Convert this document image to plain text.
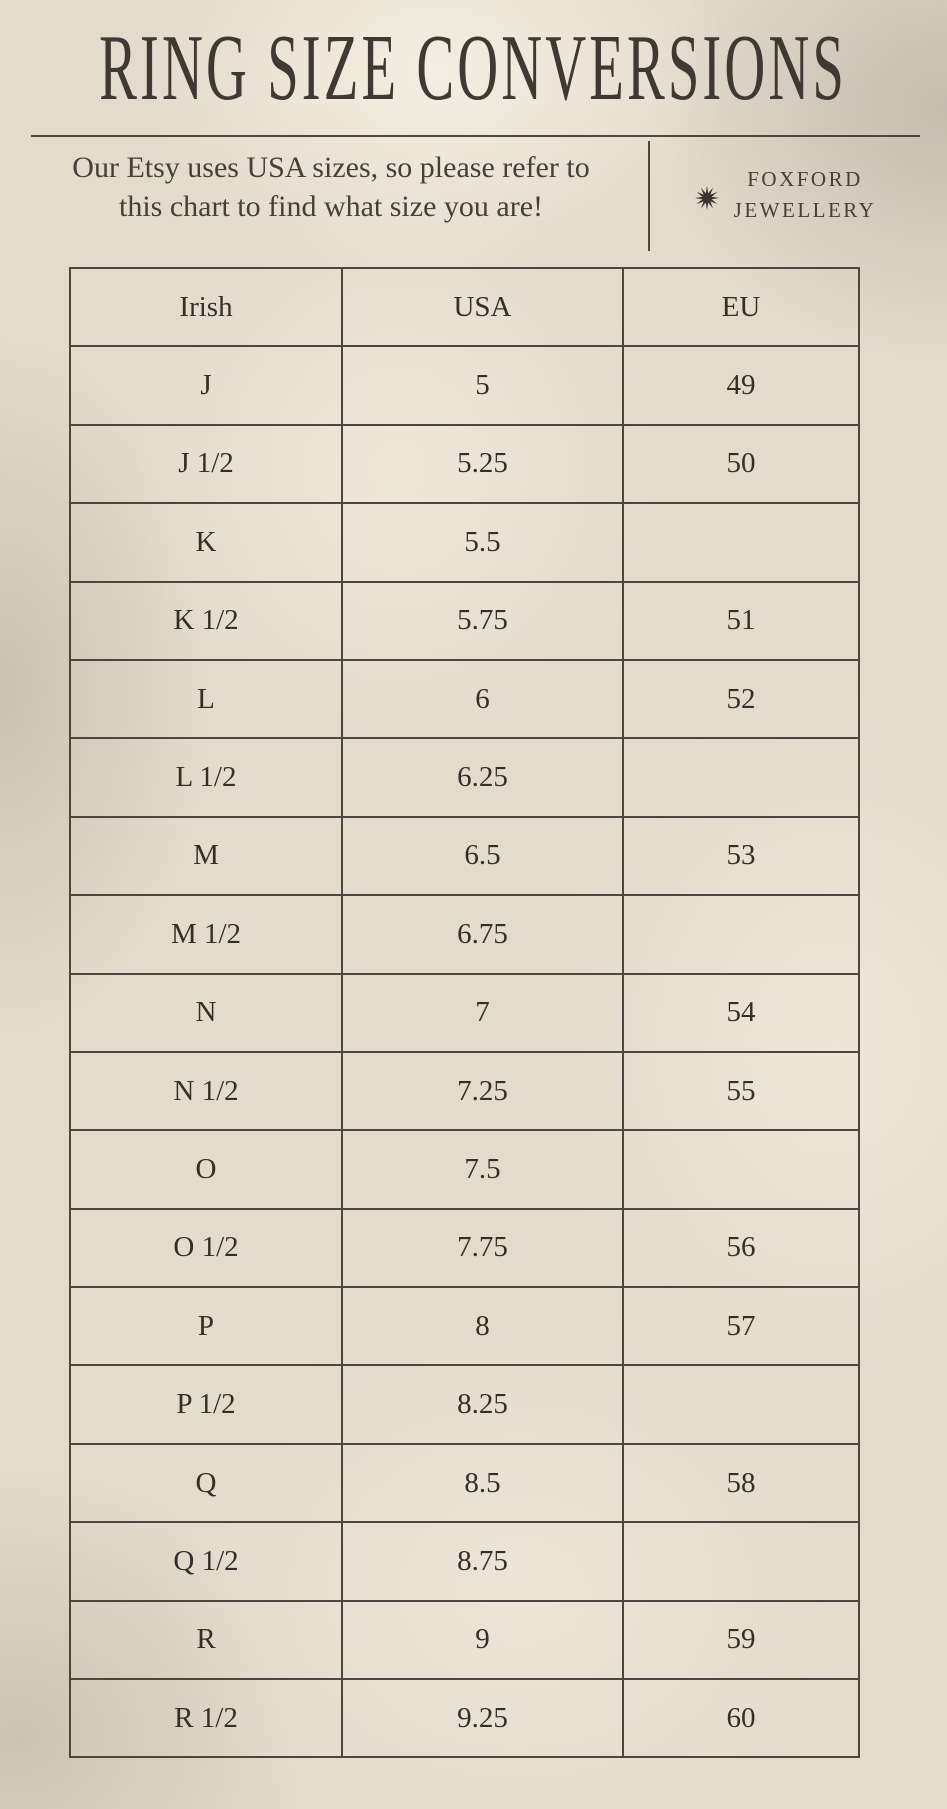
RING SIZE CONVERSIONS
Our Etsy uses USA sizes, so please refer to
this chart to find what size you are!
FOXFORD
JEWELLERY
Irish	USA	EU
J	5	49
J 1/2	5.25	50
K	5.5	
K 1/2	5.75	51
L	6	52
L 1/2	6.25	
M	6.5	53
M 1/2	6.75	
N	7	54
N 1/2	7.25	55
O	7.5	
O 1/2	7.75	56
P	8	57
P 1/2	8.25	
Q	8.5	58
Q 1/2	8.75	
R	9	59
R 1/2	9.25	60
